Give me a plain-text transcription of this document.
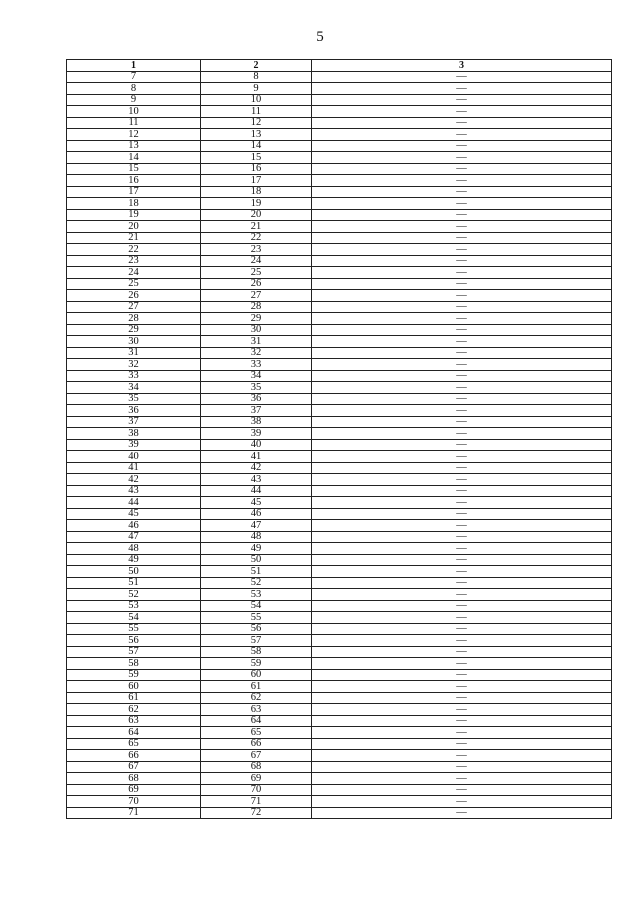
5
1	2	3
7	8	—
8	9	—
9	10	—
10	11	—
11	12	—
12	13	—
13	14	—
14	15	—
15	16	—
16	17	—
17	18	—
18	19	—
19	20	—
20	21	—
21	22	—
22	23	—
23	24	—
24	25	—
25	26	—
26	27	—
27	28	—
28	29	—
29	30	—
30	31	—
31	32	—
32	33	—
33	34	—
34	35	—
35	36	—
36	37	—
37	38	—
38	39	—
39	40	—
40	41	—
41	42	—
42	43	—
43	44	—
44	45	—
45	46	—
46	47	—
47	48	—
48	49	—
49	50	—
50	51	—
51	52	—
52	53	—
53	54	—
54	55	—
55	56	—
56	57	—
57	58	—
58	59	—
59	60	—
60	61	—
61	62	—
62	63	—
63	64	—
64	65	—
65	66	—
66	67	—
67	68	—
68	69	—
69	70	—
70	71	—
71	72	—
